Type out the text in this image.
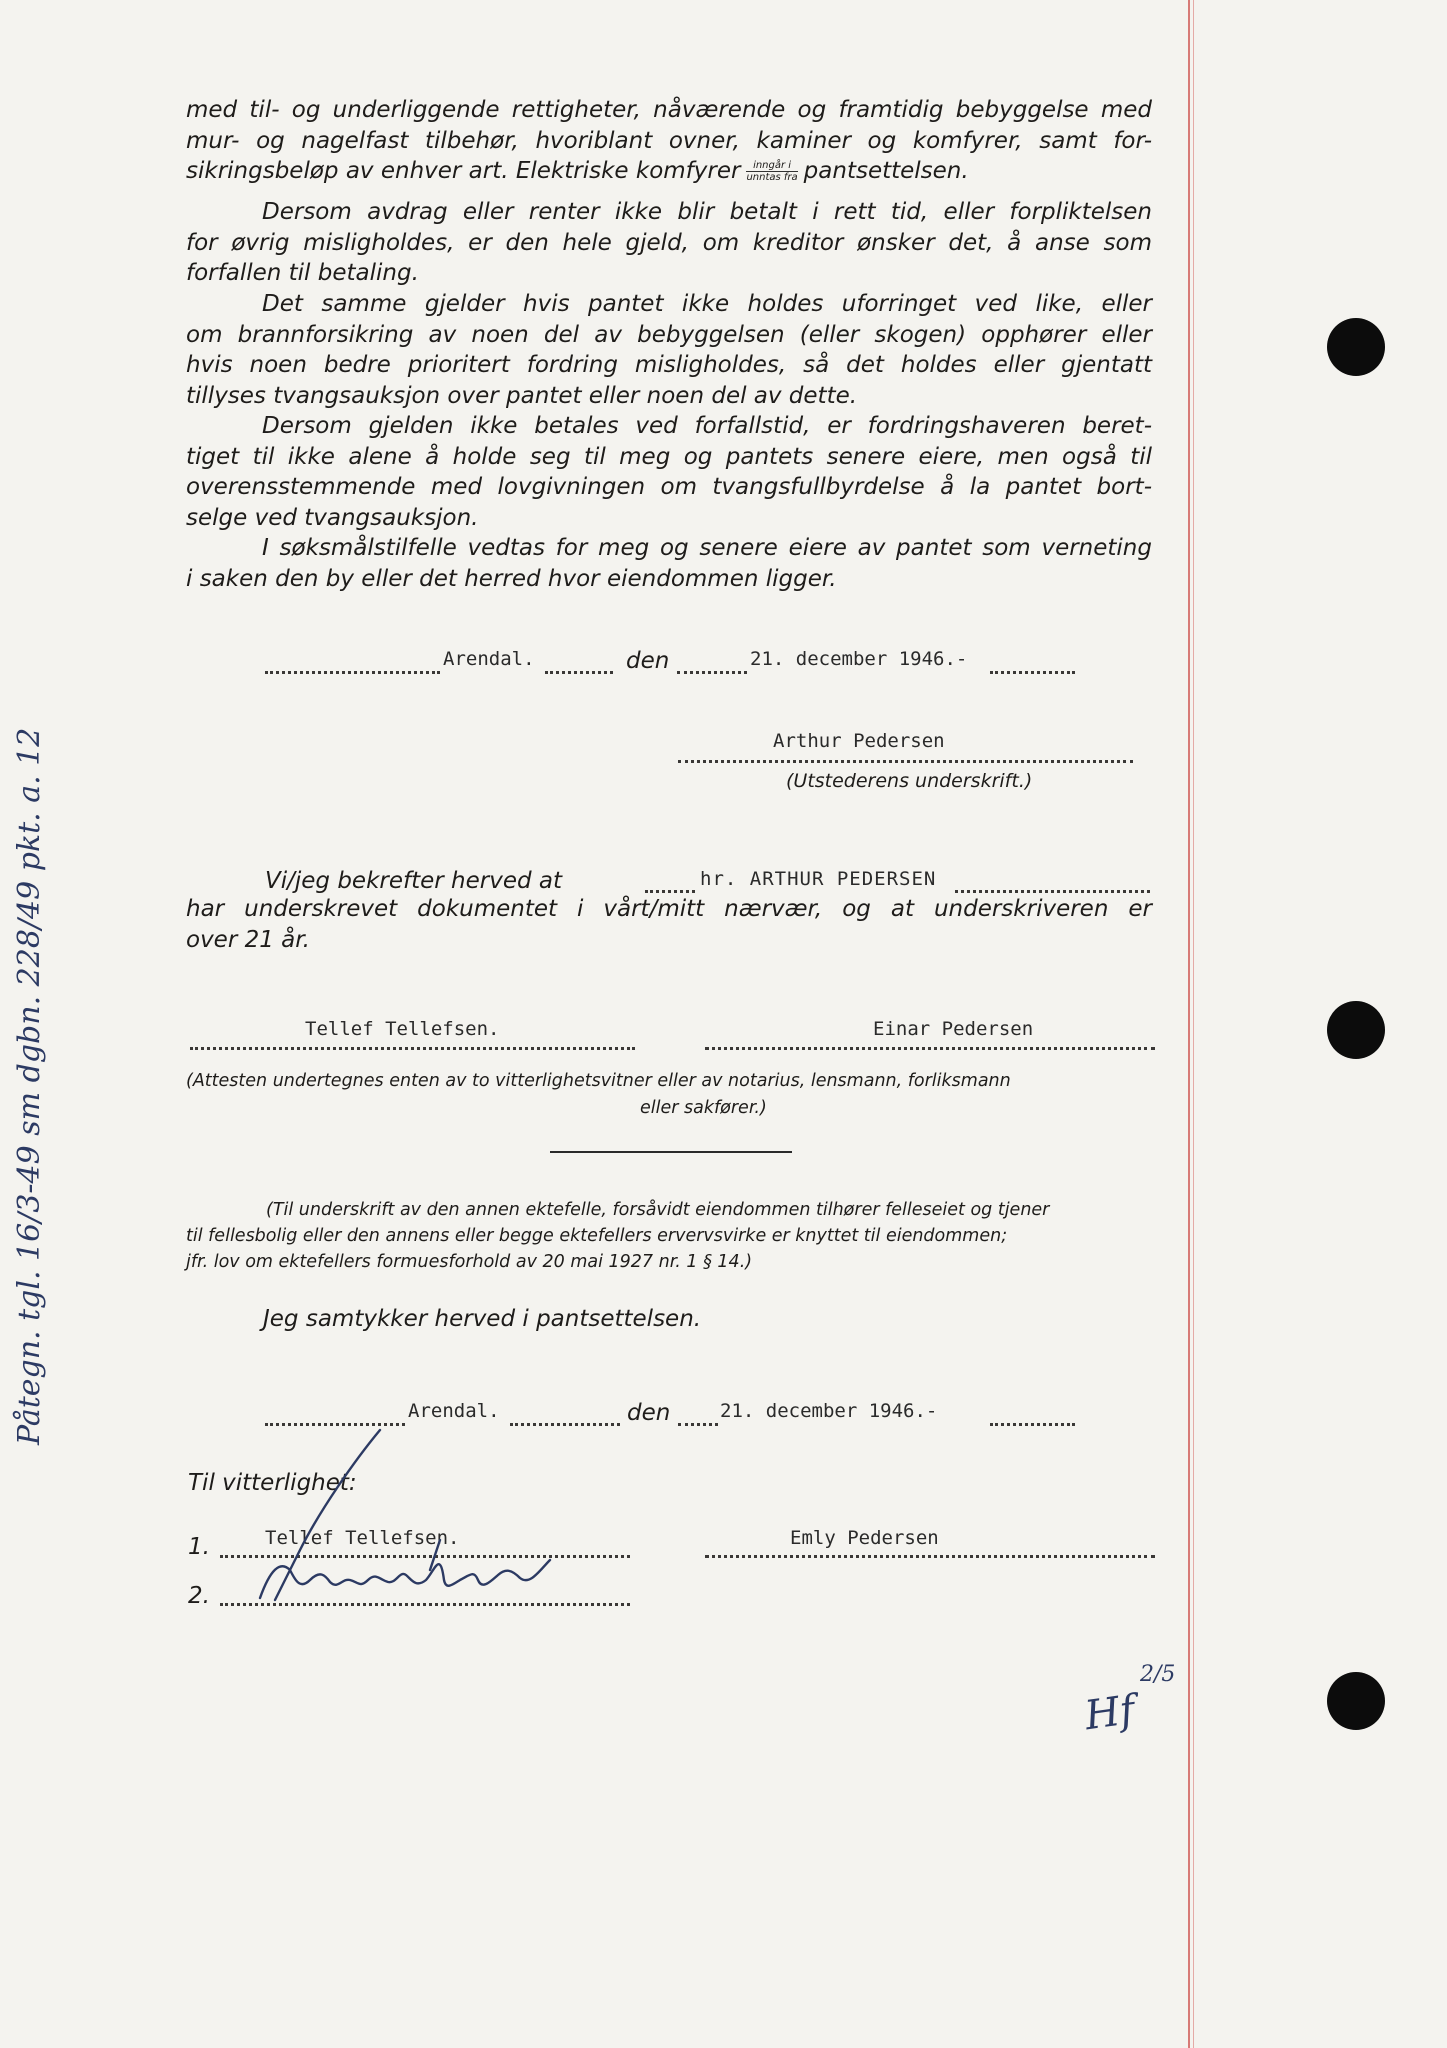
Påtegn. tgl. 16/3-49 sm dgbn. 228/49 pkt. a. 12
med til- og underliggende rettigheter, nåværende og framtidig bebyggelse med
mur- og nagelfast tilbehør, hvoriblant ovner, kaminer og komfyrer, samt for-
sikringsbeløp av enhver art. Elektriske komfyrer $\frac{\text{inngår i}}{\text{unntas fra}}$ pantsettelsen.
Dersom avdrag eller renter ikke blir betalt i rett tid, eller forpliktelsen
for øvrig misligholdes, er den hele gjeld, om kreditor ønsker det, å anse som
forfallen til betaling.
Det samme gjelder hvis pantet ikke holdes uforringet ved like, eller
om brannforsikring av noen del av bebyggelsen (eller skogen) opphører eller
hvis noen bedre prioritert fordring misligholdes, så det holdes eller gjentatt
tillyses tvangsauksjon over pantet eller noen del av dette.
Dersom gjelden ikke betales ved forfallstid, er fordringshaveren beret-
tiget til ikke alene å holde seg til meg og pantets senere eiere, men også til
overensstemmende med lovgivningen om tvangsfullbyrdelse å la pantet bort-
selge ved tvangsauksjon.
I søksmålstilfelle vedtas for meg og senere eiere av pantet som verneting
i saken den by eller det herred hvor eiendommen ligger.
Arendal.	den	21. december 1946.-
Arthur Pedersen
(Utstederens underskrift.)
Vi/jeg bekrefter herved at	hr. ARTHUR PEDERSEN
har underskrevet dokumentet i vårt/mitt nærvær, og at underskriveren er
over 21 år.
Tellef Tellefsen.	Einar Pedersen
(Attesten undertegnes enten av to vitterlighetsvitner eller av notarius, lensmann, forliksmann
eller sakfører.)
(Til underskrift av den annen ektefelle, forsåvidt eiendommen tilhører felleseiet og tjener
til fellesbolig eller den annens eller begge ektefellers ervervsvirke er knyttet til eiendommen;
jfr. lov om ektefellers formuesforhold av 20 mai 1927 nr. 1 § 14.)
Jeg samtykker herved i pantsettelsen.
Arendal.	den	21. december 1946.-
Til vitterlighet:
1.	Tellef Tellefsen.	Emly Pedersen
2.
Hf
2/5
